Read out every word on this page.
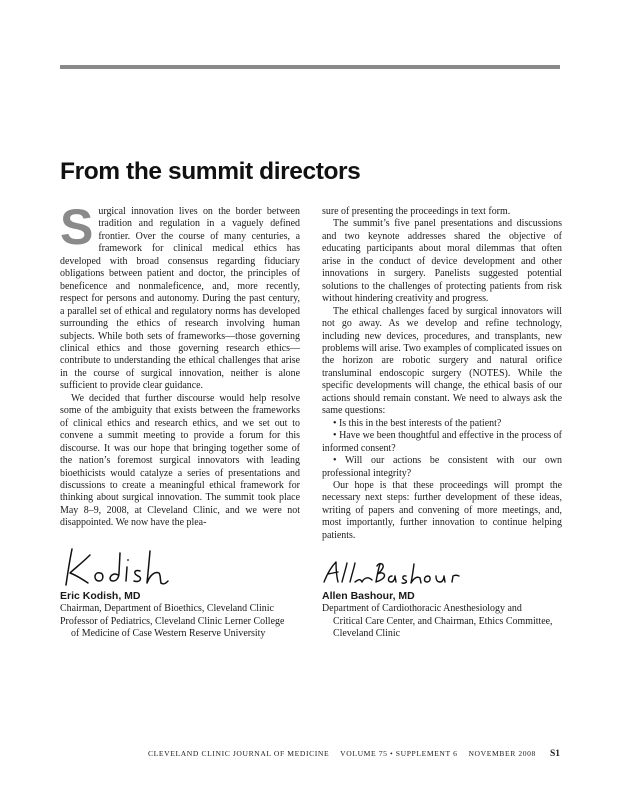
From the summit directors

Surgical innovation lives on the border between tradition and regulation in a vaguely defined frontier. Over the course of many centuries, a framework for clinical medical ethics has developed with broad consensus regarding fiduciary obligations between patient and doctor, the principles of beneficence and nonmaleficence, and, more recently, respect for persons and autonomy. During the past century, a parallel set of ethical and regulatory norms has developed surrounding the ethics of research involving human subjects. While both sets of frameworks—those governing clinical ethics and those governing research ethics—contribute to understanding the ethical challenges that arise in the course of surgical innovation, neither is alone sufficient to provide clear guidance.

We decided that further discourse would help resolve some of the ambiguity that exists between the frameworks of clinical ethics and research ethics, and we set out to convene a summit meeting to provide a forum for this discourse. It was our hope that bringing together some of the nation’s foremost surgical innovators with leading bioethicists would catalyze a series of presentations and discussions to create a meaningful ethical framework for thinking about surgical innovation. The summit took place May 8–9, 2008, at Cleveland Clinic, and we were not disappointed. We now have the plea-

sure of presenting the proceedings in text form.

The summit’s five panel presentations and discussions and two keynote addresses shared the objective of educating participants about moral dilemmas that often arise in the conduct of device development and other innovations in surgery. Panelists suggested potential solutions to the challenges of protecting patients from risk without hindering creativity and progress.

The ethical challenges faced by surgical innovators will not go away. As we develop and refine technology, including new devices, procedures, and transplants, new problems will arise. Two examples of complicated issues on the horizon are robotic surgery and natural orifice transluminal endoscopic surgery (NOTES). While the specific developments will change, the ethical basis of our actions should remain constant. We need to always ask the same questions:

• Is this in the best interests of the patient?
• Have we been thoughtful and effective in the process of informed consent?
• Will our actions be consistent with our own professional integrity?

Our hope is that these proceedings will prompt the necessary next steps: further development of these ideas, writing of papers and convening of more meetings, and, most importantly, further innovation to continue helping patients.

Eric Kodish, MD
Chairman, Department of Bioethics, Cleveland Clinic
Professor of Pediatrics, Cleveland Clinic Lerner College
of Medicine of Case Western Reserve University
Allen Bashour, MD
Department of Cardiothoracic Anesthesiology and
Critical Care Center, and Chairman, Ethics Committee,
Cleveland Clinic
CLEVELAND CLINIC JOURNAL OF MEDICINE VOLUME 75 • SUPPLEMENT 6 NOVEMBER 2008 S1
